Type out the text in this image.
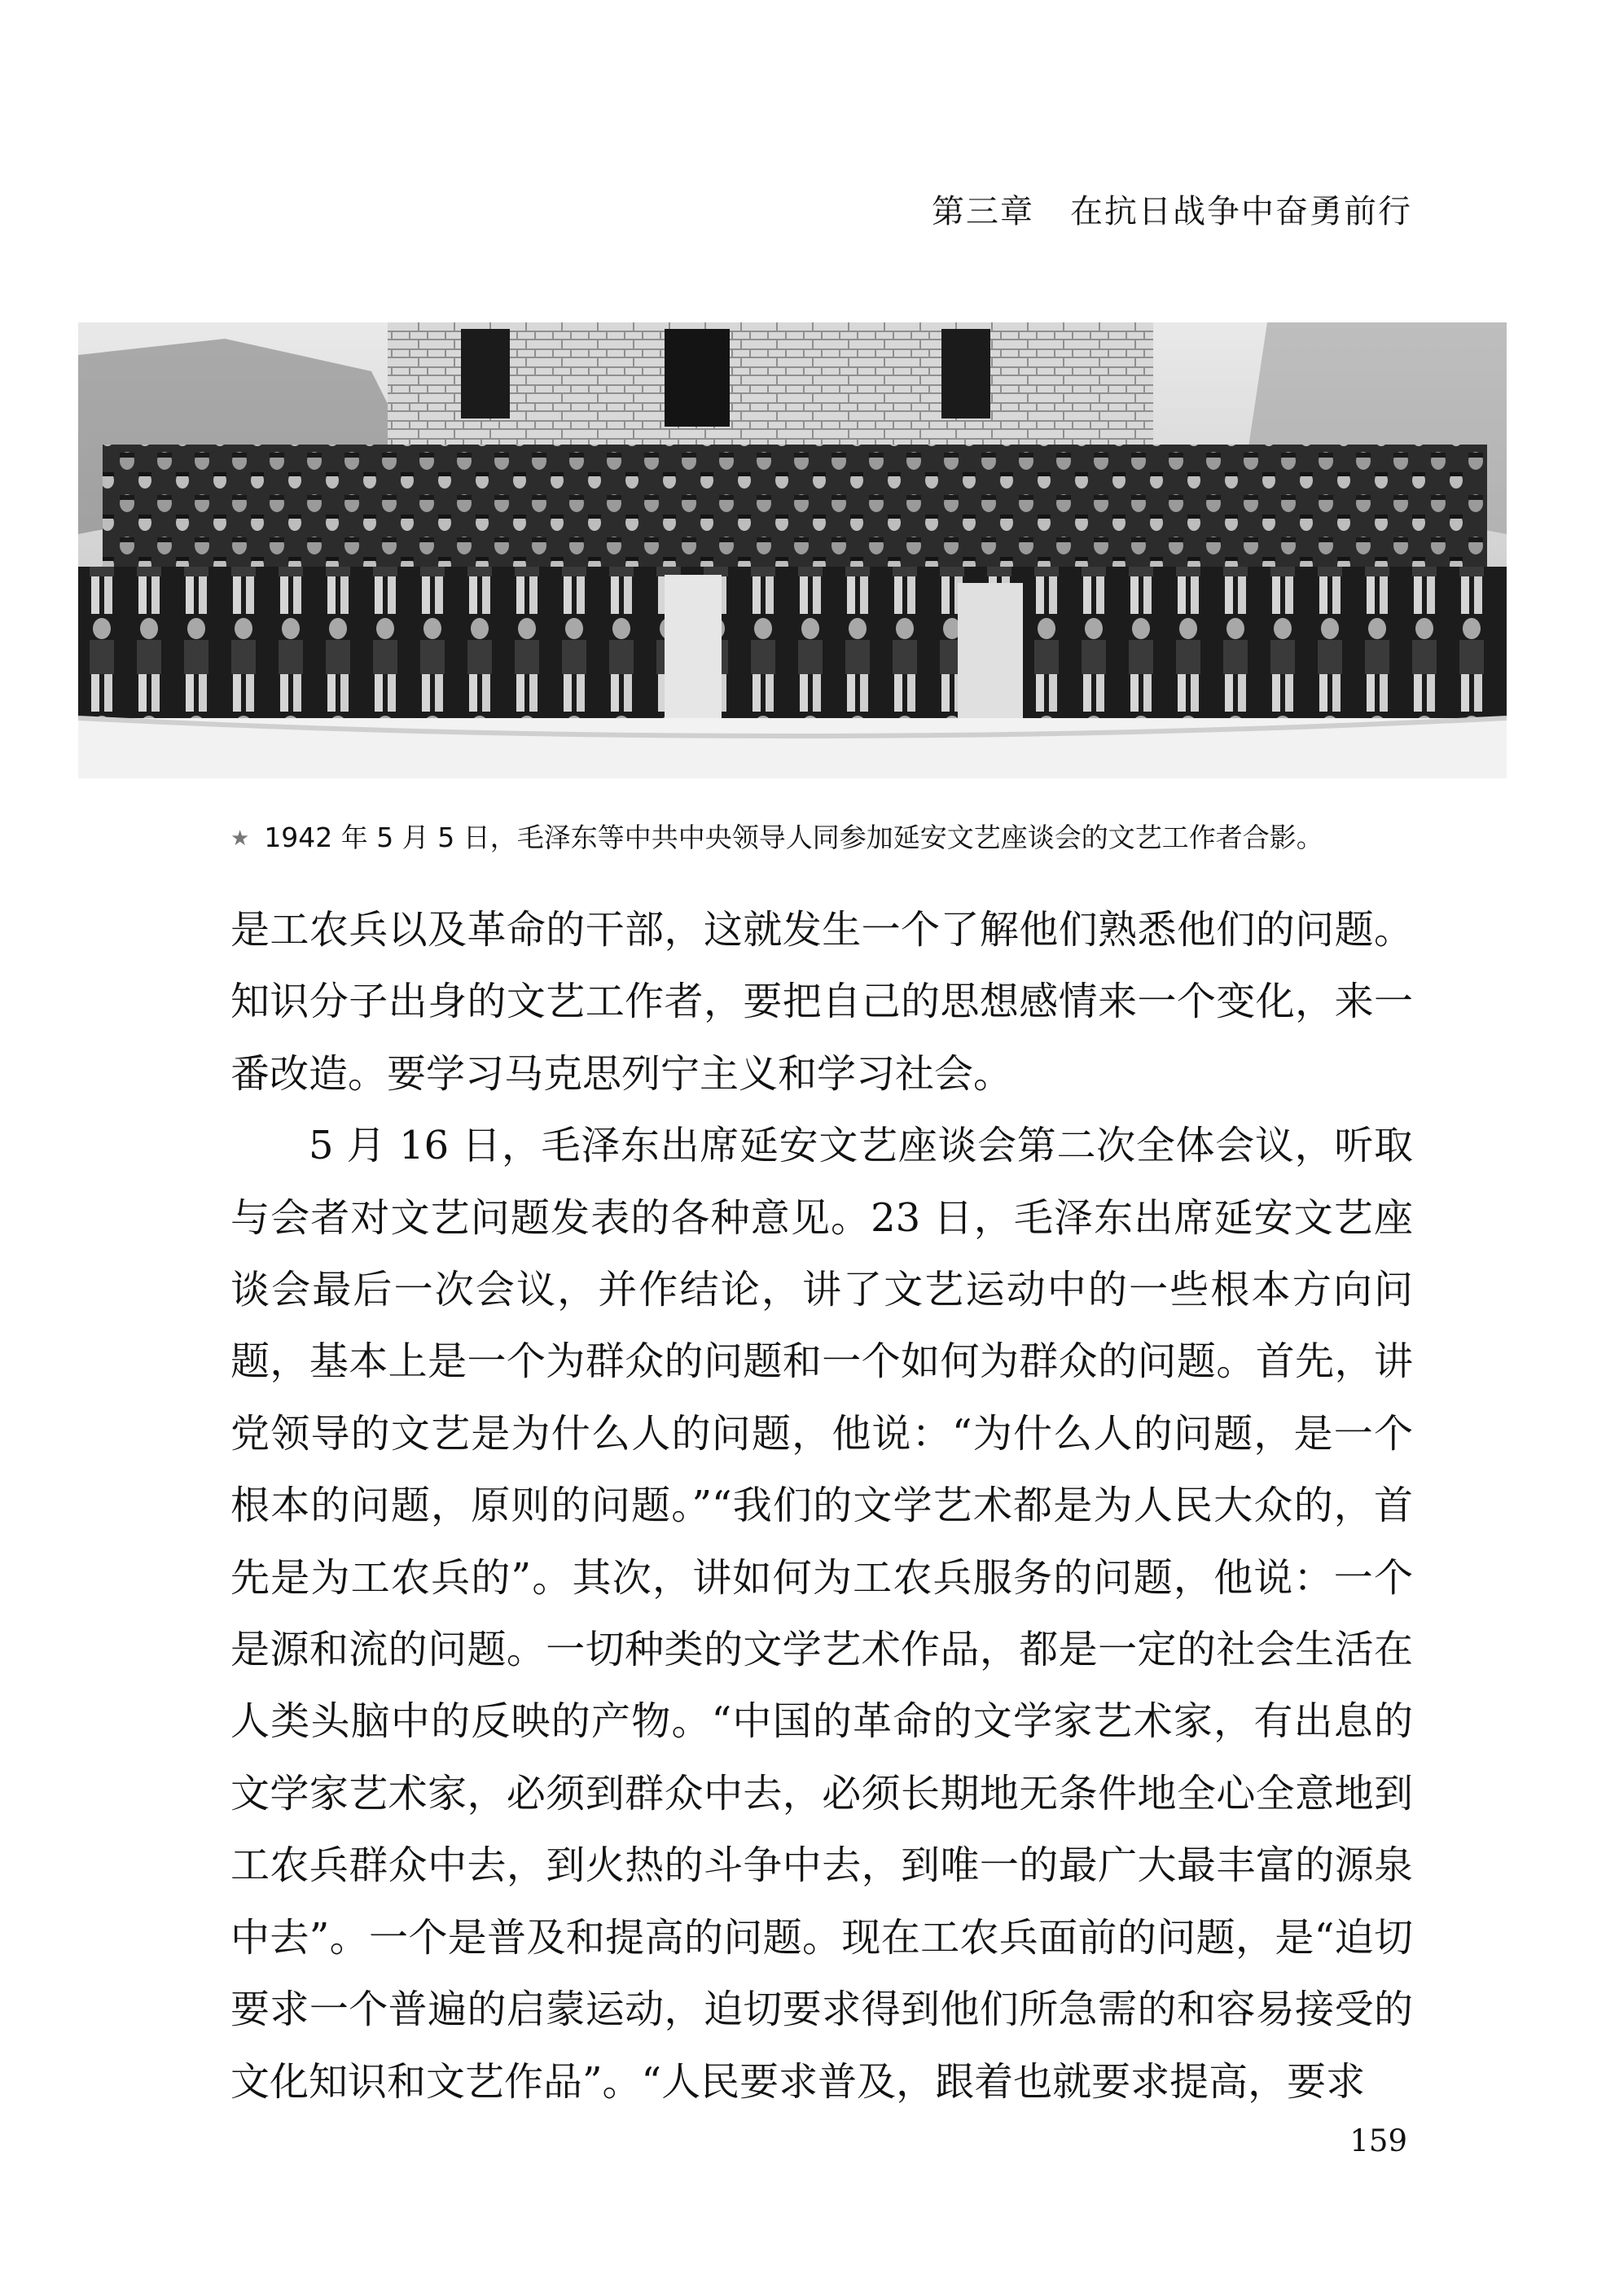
第三章 在抗日战争中奋勇前行
★ 1942 年 5 月 5 日，毛泽东等中共中央领导人同参加延安文艺座谈会的文艺工作者合影。

是工农兵以及革命的干部，这就发生一个了解他们熟悉他们的问题。知识分子出身的文艺工作者，要把自己的思想感情来一个变化，来一番改造。要学习马克思列宁主义和学习社会。

5 月 16 日，毛泽东出席延安文艺座谈会第二次全体会议，听取与会者对文艺问题发表的各种意见。23 日，毛泽东出席延安文艺座谈会最后一次会议，并作结论，讲了文艺运动中的一些根本方向问题，基本上是一个为群众的问题和一个如何为群众的问题。首先，讲党领导的文艺是为什么人的问题，他说：“为什么人的问题，是一个根本的问题，原则的问题。”“我们的文学艺术都是为人民大众的，首先是为工农兵的”。其次，讲如何为工农兵服务的问题，他说：一个是源和流的问题。一切种类的文学艺术作品，都是一定的社会生活在人类头脑中的反映的产物。“中国的革命的文学家艺术家，有出息的文学家艺术家，必须到群众中去，必须长期地无条件地全心全意地到工农兵群众中去，到火热的斗争中去，到唯一的最广大最丰富的源泉中去”。一个是普及和提高的问题。现在工农兵面前的问题，是“迫切要求一个普遍的启蒙运动，迫切要求得到他们所急需的和容易接受的文化知识和文艺作品”。“人民要求普及，跟着也就要求提高，要求

159
